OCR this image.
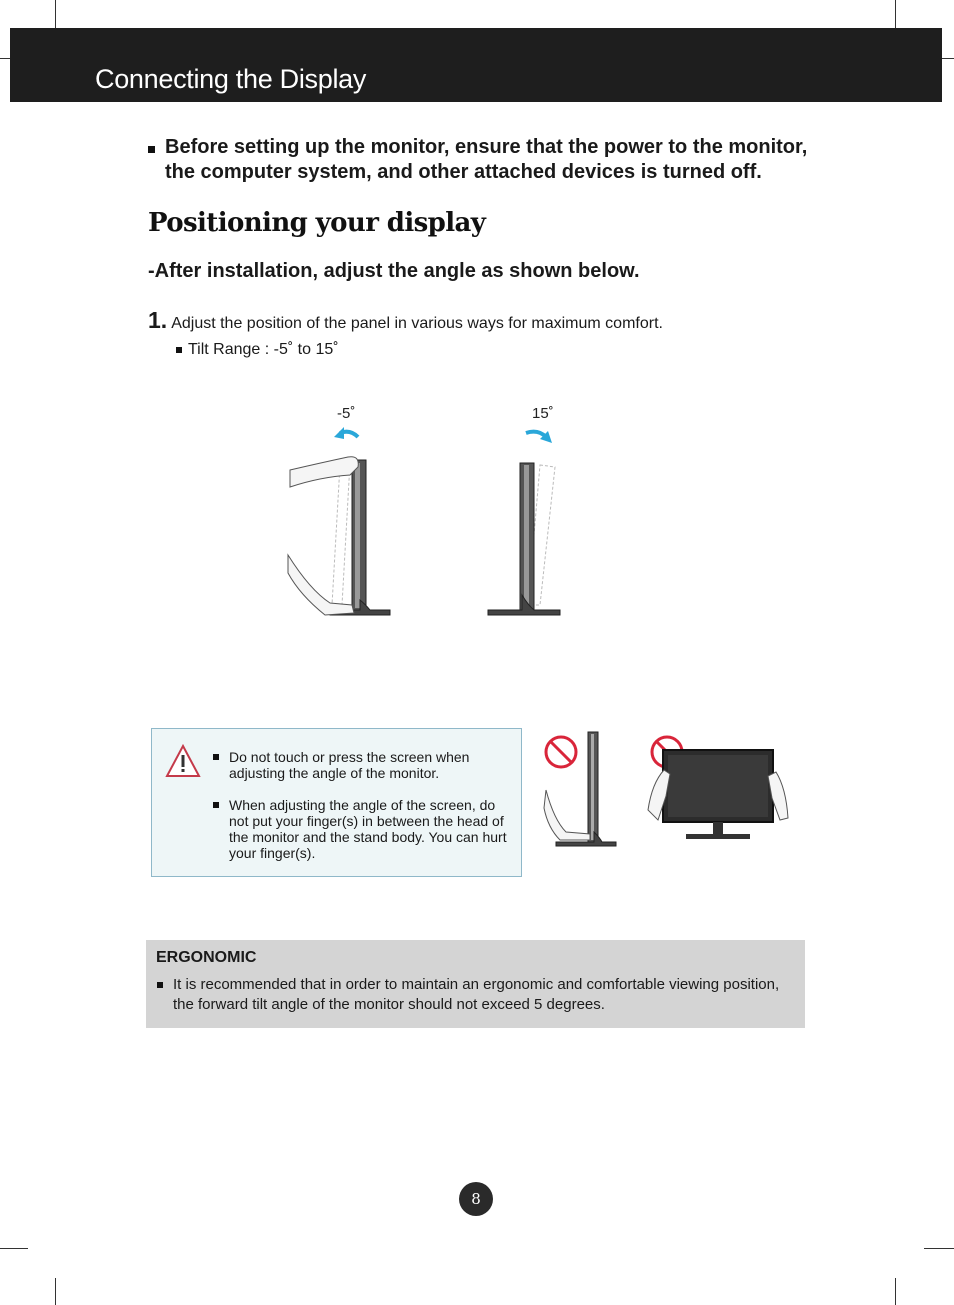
Connecting the Display
Before setting up the monitor, ensure that the power to the monitor, the computer system, and other attached devices is turned off.
Positioning your display
-After installation, adjust the angle as shown below.
1. Adjust the position of the panel in various ways for maximum comfort.
Tilt Range : -5˚ to 15˚
-5˚	15˚
Do not touch or press the screen when adjusting the angle of the monitor.
When adjusting the angle of the screen, do not put your finger(s) in between the head of the monitor and the stand body. You can hurt your finger(s).
ERGONOMIC
It is recommended that in order to maintain an ergonomic and comfortable viewing position, the forward tilt angle of the monitor should not exceed 5 degrees.
8
